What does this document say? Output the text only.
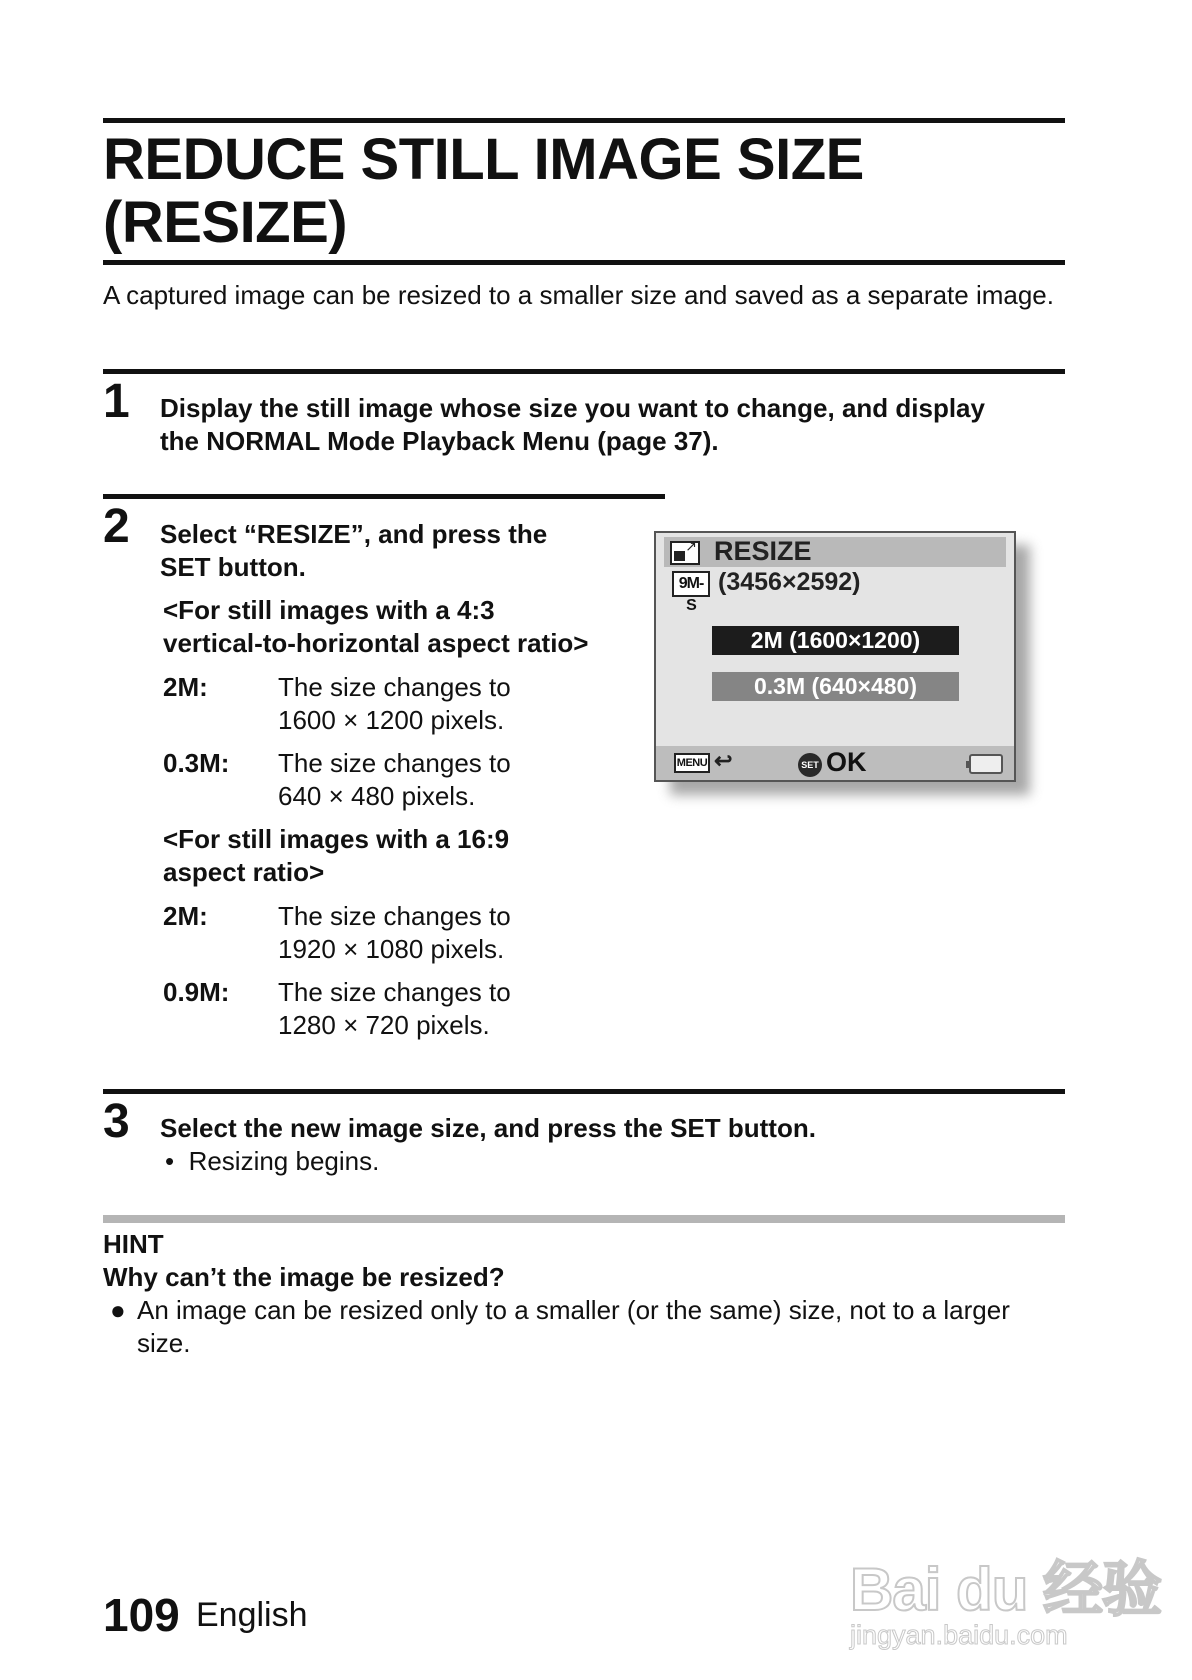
REDUCE STILL IMAGE SIZE
(RESIZE)
A captured image can be resized to a smaller size and saved as a separate image.
1 Display the still image whose size you want to change, and display
the NORMAL Mode Playback Menu (page 37).
2 Select “RESIZE”, and press the
SET button.
<For still images with a 4:3
vertical-to-horizontal aspect ratio>
2M:	The size changes to
1600 × 1200 pixels.
0.3M:	The size changes to
640 × 480 pixels.
<For still images with a 16:9
aspect ratio>
2M:	The size changes to
1920 × 1080 pixels.
0.9M:	The size changes to
1280 × 720 pixels.
↗
RESIZE
9M-S
(3456×2592)
2M (1600×1200)
0.3M (640×480)
MENU ↩	SET OK
3 Select the new image size, and press the SET button.
•  Resizing begins.
HINT
Why can’t the image be resized?
● An image can be resized only to a smaller (or the same) size, not to a larger size.
109 English	Bai du 经验
jingyan.baidu.com
